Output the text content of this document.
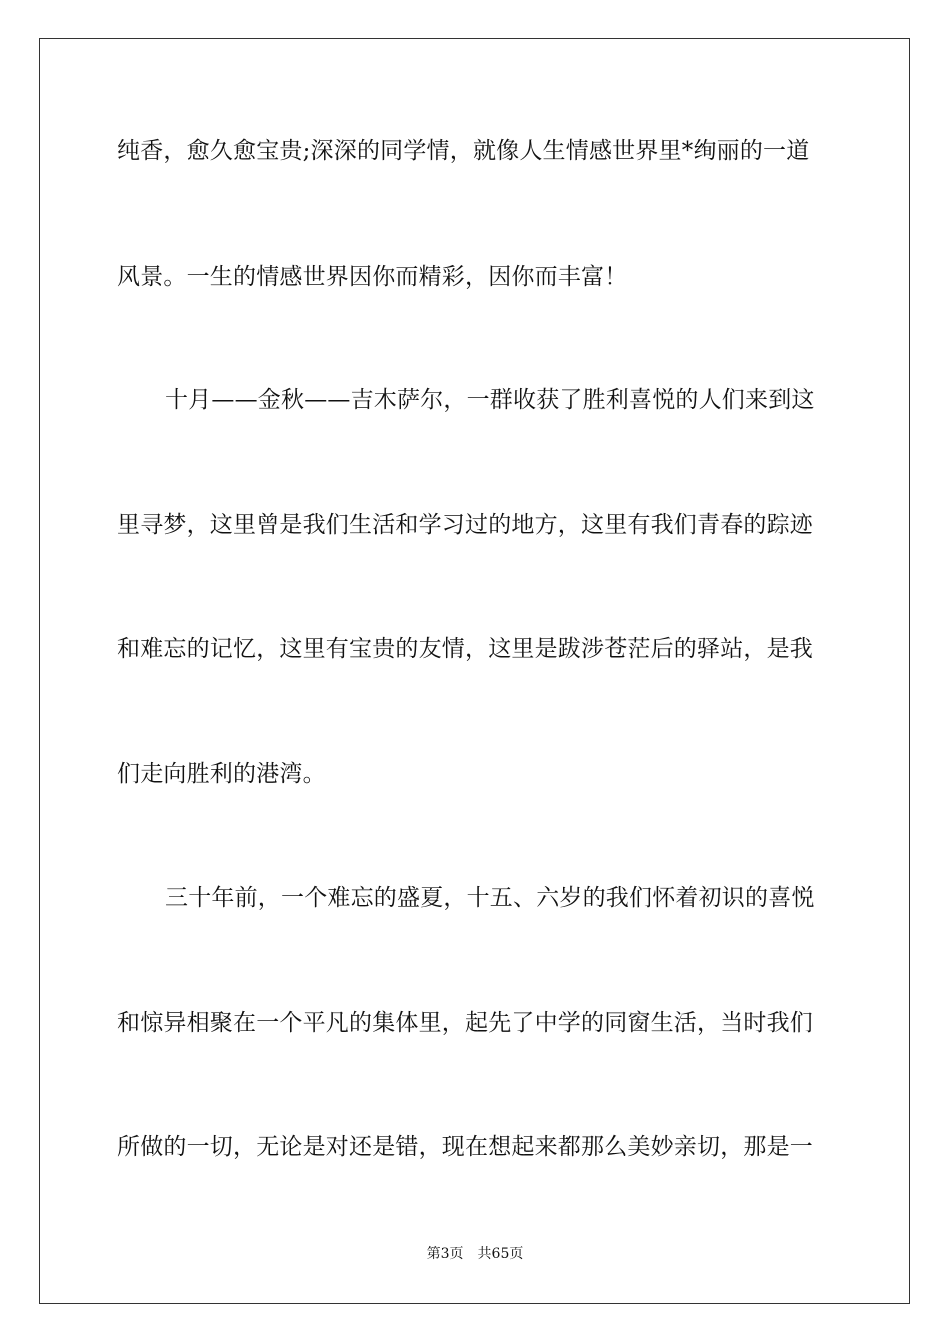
纯香，愈久愈宝贵;深深的同学情，就像人生情感世界里*绚丽的一道
风景。一生的情感世界因你而精彩，因你而丰富！
十月——金秋——吉木萨尔，一群收获了胜利喜悦的人们来到这
里寻梦，这里曾是我们生活和学习过的地方，这里有我们青春的踪迹
和难忘的记忆，这里有宝贵的友情，这里是跋涉苍茫后的驿站，是我
们走向胜利的港湾。
三十年前，一个难忘的盛夏，十五、六岁的我们怀着初识的喜悦
和惊异相聚在一个平凡的集体里，起先了中学的同窗生活，当时我们
所做的一切，无论是对还是错，现在想起来都那么美妙亲切，那是一
第3页 共65页
